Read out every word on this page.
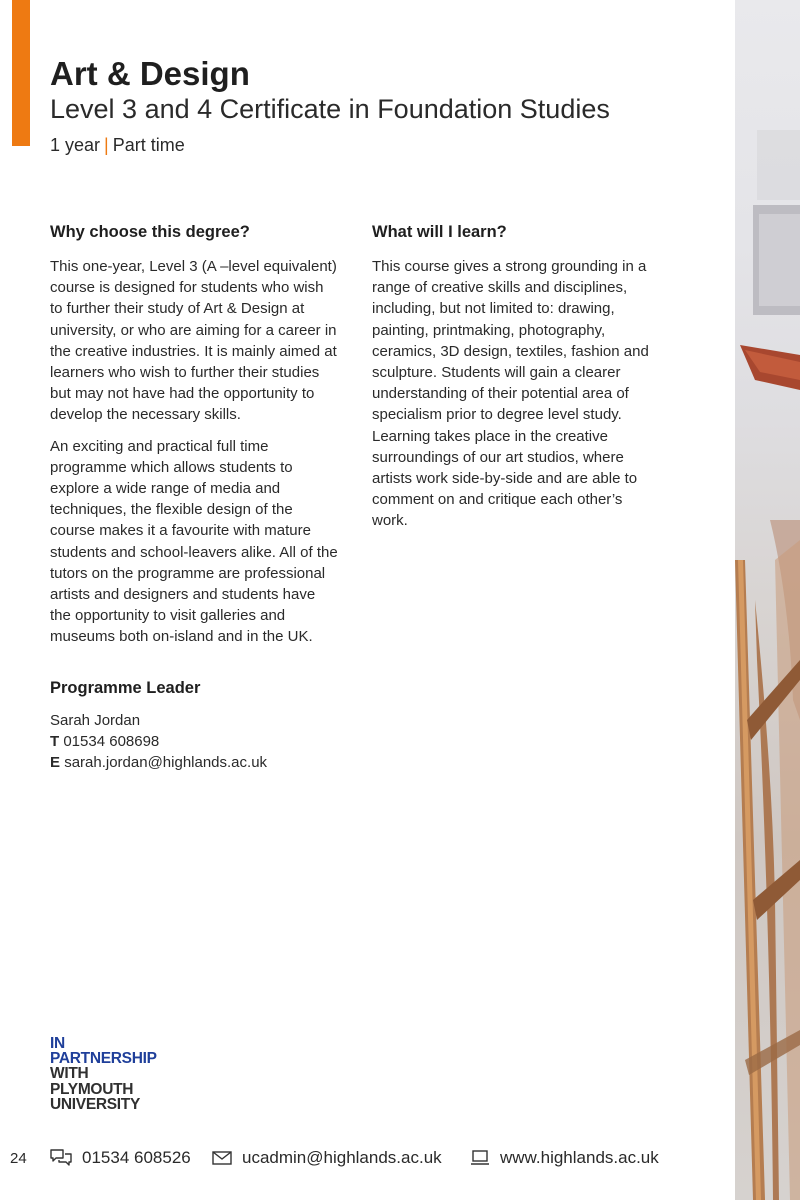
Art & Design
Level 3 and 4 Certificate in Foundation Studies
1 year | Part time
Why choose this degree?

This one-year, Level 3 (A –level equivalent) course is designed for students who wish to further their study of Art & Design at university, or who are aiming for a career in the creative industries. It is mainly aimed at learners who wish to further their studies but may not have had the opportunity to develop the necessary skills.

An exciting and practical full time programme which allows students to explore a wide range of media and techniques, the flexible design of the course makes it a favourite with mature students and school-leavers alike. All of the tutors on the programme are professional artists and designers and students have the opportunity to visit galleries and museums both on-island and in the UK.

Programme Leader
Sarah Jordan
T 01534 608698
E sarah.jordan@highlands.ac.uk
What will I learn?

This course gives a strong grounding in a range of creative skills and disciplines, including, but not limited to: drawing, painting, printmaking, photography, ceramics, 3D design, textiles, fashion and sculpture. Students will gain a clearer understanding of their potential area of specialism prior to degree level study. Learning takes place in the creative surroundings of our art studios, where artists work side-by-side and are able to comment on and critique each other’s work.

IN
PARTNERSHIP
WITH
PLYMOUTH
UNIVERSITY
24	01534 608526	ucadmin@highlands.ac.uk	www.highlands.ac.uk
